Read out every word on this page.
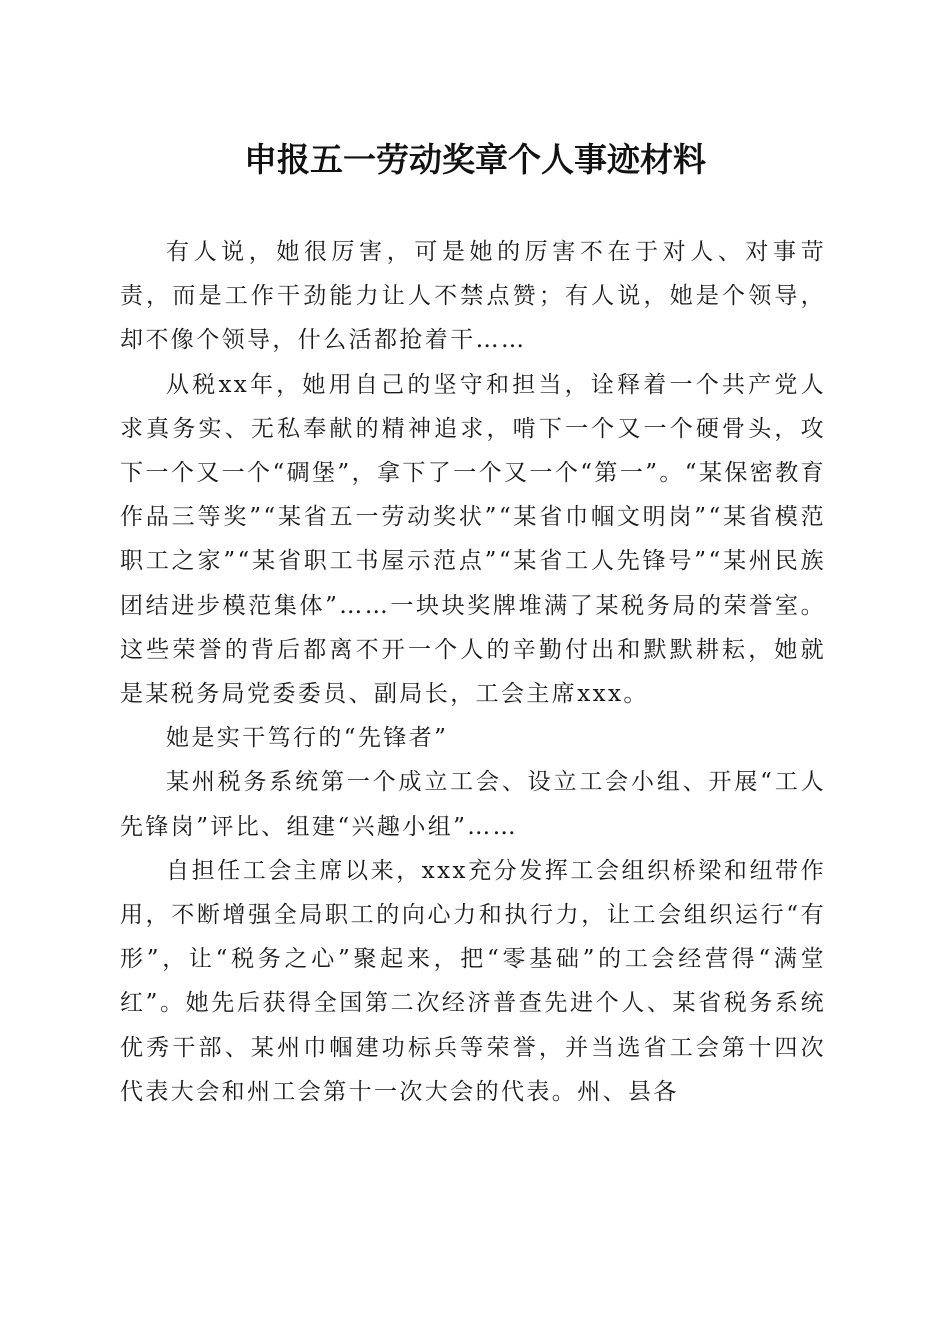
申报五一劳动奖章个人事迹材料

有人说，她很厉害，可是她的厉害不在于对人、对事苛责，而是工作干劲能力让人不禁点赞；有人说，她是个领导，却不像个领导，什么活都抢着干……

从税xx年，她用自己的坚守和担当，诠释着一个共产党人求真务实、无私奉献的精神追求，啃下一个又一个硬骨头，攻下一个又一个“碉堡”，拿下了一个又一个“第一”。“某保密教育作品三等奖”“某省五一劳动奖状”“某省巾帼文明岗”“某省模范职工之家”“某省职工书屋示范点”“某省工人先锋号”“某州民族团结进步模范集体”……一块块奖牌堆满了某税务局的荣誉室。这些荣誉的背后都离不开一个人的辛勤付出和默默耕耘，她就是某税务局党委委员、副局长，工会主席xxx。

她是实干笃行的“先锋者”

某州税务系统第一个成立工会、设立工会小组、开展“工人先锋岗”评比、组建“兴趣小组”……

自担任工会主席以来，xxx充分发挥工会组织桥梁和纽带作用，不断增强全局职工的向心力和执行力，让工会组织运行“有形”，让“税务之心”聚起来，把“零基础”的工会经营得“满堂红”。她先后获得全国第二次经济普查先进个人、某省税务系统优秀干部、某州巾帼建功标兵等荣誉，并当选省工会第十四次代表大会和州工会第十一次大会的代表。州、县各
